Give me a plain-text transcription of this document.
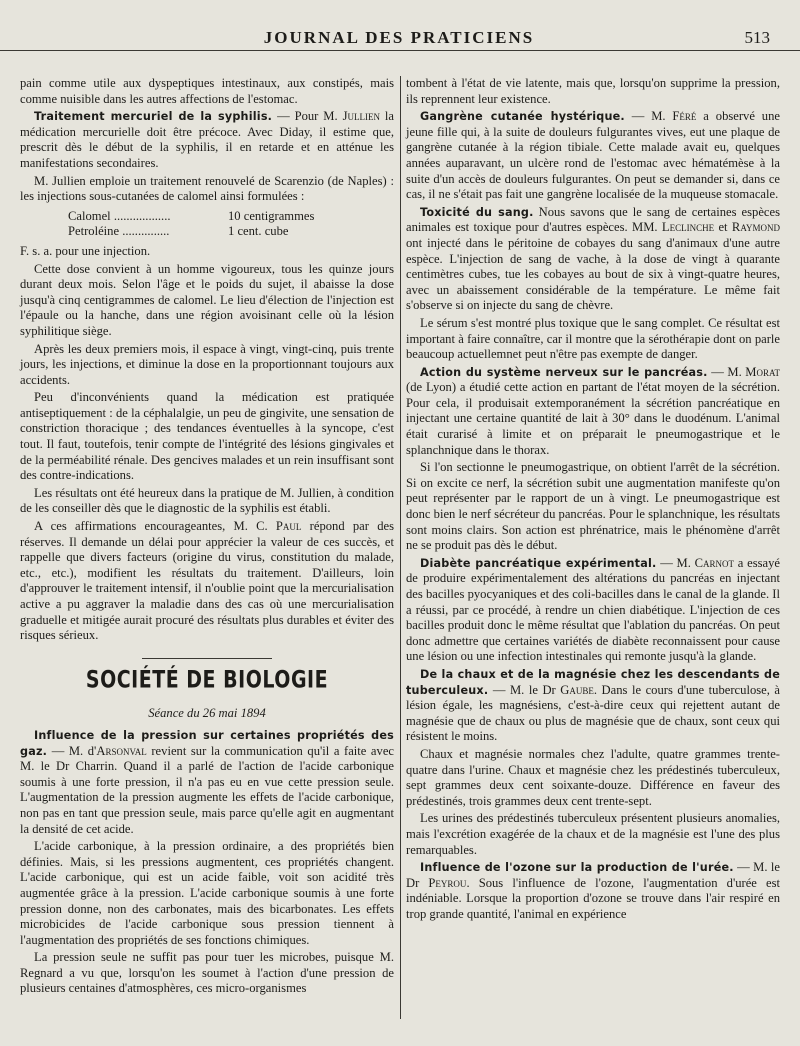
JOURNAL DES PRATICIENS	513

pain comme utile aux dyspeptiques intestinaux, aux constipés, mais comme nuisible dans les autres affections de l'estomac.

Traitement mercuriel de la syphilis. — Pour M. Jullien la médication mercurielle doit être précoce. Avec Diday, il estime que, prescrit dès le début de la syphilis, il en retarde et en atténue les manifestations secondaires.

M. Jullien emploie un traitement renouvelé de Scarenzio (de Naples) : les injections sous-cutanées de calomel ainsi formulées :

Calomel ..................	10 centigrammes
Petroléine ...............	1 cent. cube

F. s. a. pour une injection.

Cette dose convient à un homme vigoureux, tous les quinze jours durant deux mois. Selon l'âge et le poids du sujet, il abaisse la dose jusqu'à cinq centigrammes de calomel. Le lieu d'élection de l'injection est l'épaule ou la hanche, dans une région avoisinant celle où la lésion syphilitique siège.

Après les deux premiers mois, il espace à vingt, vingt-cinq, puis trente jours, les injections, et diminue la dose en la proportionnant toujours aux accidents.

Peu d'inconvénients quand la médication est pratiquée antiseptiquement : de la céphalalgie, un peu de gingivite, une sensation de constriction thoracique ; des tendances éventuelles à la syncope, c'est tout. Il faut, toutefois, tenir compte de l'intégrité des lésions gingivales et de la perméabilité rénale. Des gencives malades et un rein insuffisant sont des contre-indications.

Les résultats ont été heureux dans la pratique de M. Jullien, à condition de les conseiller dès que le diagnostic de la syphilis est établi.

A ces affirmations encourageantes, M. C. Paul répond par des réserves. Il demande un délai pour apprécier la valeur de ces succès, et rappelle que divers facteurs (origine du virus, constitution du malade, etc., etc.), modifient les résultats du traitement. D'ailleurs, loin d'approuver le traitement intensif, il n'oublie point que la mercurialisation active a pu aggraver la maladie dans des cas où une mercurialisation graduelle et mitigée aurait procuré des résultats plus durables et éviter des risques sérieux.

SOCIÉTÉ DE BIOLOGIE
Séance du 26 mai 1894

Influence de la pression sur certaines propriétés des gaz. — M. d'Arsonval revient sur la communication qu'il a faite avec M. le Dr Charrin. Quand il a parlé de l'action de l'acide carbonique soumis à une forte pression, il n'a pas eu en vue cette pression seule. L'augmentation de la pression augmente les effets de l'acide carbonique, non pas en tant que pression seule, mais parce qu'elle agit en augmentant la densité de cet acide.

L'acide carbonique, à la pression ordinaire, a des propriétés bien définies. Mais, si les pressions augmentent, ces propriétés changent. L'acide carbonique, qui est un acide faible, voit son acidité très augmentée grâce à la pression. L'acide carbonique soumis à une forte pression donne, non des carbonates, mais des bicarbonates. Les effets microbicides de l'acide carbonique sous pression tiennent à l'augmentation des propriétés de ses fonctions chimiques.

La pression seule ne suffit pas pour tuer les microbes, puisque M. Regnard a vu que, lorsqu'on les soumet à l'action d'une pression de plusieurs centaines d'atmosphères, ces micro-organismes

tombent à l'état de vie latente, mais que, lorsqu'on supprime la pression, ils reprennent leur existence.

Gangrène cutanée hystérique. — M. Féré a observé une jeune fille qui, à la suite de douleurs fulgurantes vives, eut une plaque de gangrène cutanée à la région tibiale. Cette malade avait eu, quelques années auparavant, un ulcère rond de l'estomac avec hématémèse à la suite d'un accès de douleurs fulgurantes. On peut se demander si, dans ce cas, il ne s'était pas fait une gangrène localisée de la muqueuse stomacale.

Toxicité du sang. Nous savons que le sang de certaines espèces animales est toxique pour d'autres espèces. MM. Leclinche et Raymond ont injecté dans le péritoine de cobayes du sang d'animaux d'une autre espèce. L'injection de sang de vache, à la dose de vingt à quarante centimètres cubes, tue les cobayes au bout de six à vingt-quatre heures, avec un abaissement considérable de la température. Le même fait s'observe si on injecte du sang de chèvre.

Le sérum s'est montré plus toxique que le sang complet. Ce résultat est important à faire connaître, car il montre que la sérothérapie dont on parle beaucoup actuellemnet peut n'être pas exempte de danger.

Action du système nerveux sur le pancréas. — M. Morat (de Lyon) a étudié cette action en partant de l'état moyen de la sécrétion. Pour cela, il produisait extemporanément la sécrétion pancréatique en injectant une certaine quantité de lait à 30° dans le duodénum. L'animal était curarisé à limite et on préparait le pneumogastrique et le splanchnique dans le thorax.

Si l'on sectionne le pneumogastrique, on obtient l'arrêt de la sécrétion. Si on excite ce nerf, la sécrétion subit une augmentation manifeste qu'on peut représenter par le rapport de un à vingt. Le pneumogastrique est donc bien le nerf sécréteur du pancréas. Pour le splanchnique, les résultats sont moins clairs. Son action est phrénatrice, mais le phénomène d'arrêt ne se produit pas dès le début.

Diabète pancréatique expérimental. — M. Carnot a essayé de produire expérimentalement des altérations du pancréas en injectant des bacilles pyocyaniques et des coli-bacilles dans le canal de la glande. Il a réussi, par ce procédé, à rendre un chien diabétique. L'injection de ces bacilles produit donc le même résultat que l'ablation du pancréas. On peut donc admettre que certaines variétés de diabète reconnaissent pour cause une lésion ou une infection intestinales qui remonte jusqu'à la glande.

De la chaux et de la magnésie chez les descendants de tuberculeux. — M. le Dr Gaube. Dans le cours d'une tuberculose, à lésion égale, les magnésiens, c'est-à-dire ceux qui rejettent autant de magnésie que de chaux ou plus de magnésie que de chaux, sont ceux qui résistent le moins.

Chaux et magnésie normales chez l'adulte, quatre grammes trente-quatre dans l'urine. Chaux et magnésie chez les prédestinés tuberculeux, sept grammes deux cent soixante-douze. Différence en faveur des prédestinés, trois grammes deux cent trente-sept.

Les urines des prédestinés tuberculeux présentent plusieurs anomalies, mais l'excrétion exagérée de la chaux et de la magnésie est l'une des plus remarquables.

Influence de l'ozone sur la production de l'urée. — M. le Dr Peyrou. Sous l'influence de l'ozone, l'augmentation d'urée est indéniable. Lorsque la proportion d'ozone se trouve dans l'air respiré en trop grande quantité, l'animal en expérience
